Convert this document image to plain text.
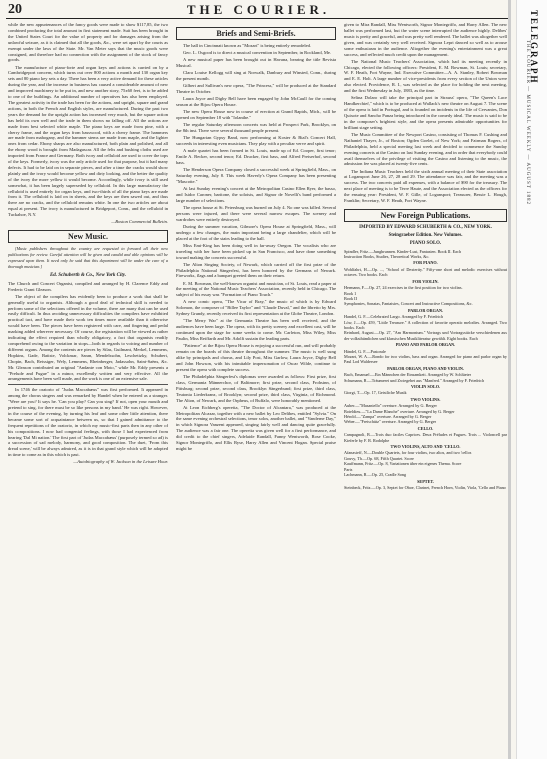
20	THE COURIER.

while the new appurtenances of the fancy goods were made to show $117,85, the two combined producing the total amount in first statement made. Suit has been brought in the United States Court for the value of property and for damages arising from the unlawful seizure, as it is claimed that all the goods, &c., were set apart by the courts as exempt under the laws of the State. Mr. Van Meter says that the music goods were consigned, and therefore had no connection with the assignment of the stock of fancy goods.

The manufacture of piano-forte and organ keys and actions is carried on by a Cambridgeport concern, which turns out over 800 actions a month and 130 organ key sets and 80 piano key sets a day. There has been a very active demand for these articles during the year, and the increase in business has caused a considerable amount of new and improved machinery to be put in, and new another story, 75x60 feet, is to be added to one of the buildings. An additional number of operatives has also been employed. The greatest activity in the trade has been for the actions, and upright, square and grand actions, in both the French and English styles, are manufactured. During the past two years the demand for the upright action has increased very much, but the square action has held its own well and the trade in them shows no falling off. All the actions are made from best selected white maple. The piano keys are made from pine, with a cherry frame, and the organ keys from basswood, with a cherry frame. The hammers are made from mahogany, and the hammer stems are made from maple, and the lighter ones from cedar. Ebony sharps are also manufactured, both plain and polished, and all the ebony wood is brought from Madagascar. All the felts and bushing cloths used are imported from France and Germany. Both ivory and celluloid are used to cover the tops of the keys. Formerly, ivory was the only article used for that purpose, but it had many defects. It had to be laid on in separate pieces, and after a time the cracks would show plainly and the ivory would become yellow and dirty looking, and the better the quality of the ivory the more yellow it would become. Accordingly, while ivory is still used somewhat, it has been largely superseded by celluloid. In this large manufactory the celluloid is used entirely for organ keys, and two-thirds of all the piano keys are made from it. The celluloid is laid on in sheets, and the keys are then sawed out, and thus there are no cracks, and the celluloid remains white. In one the two articles are about equal at present. The ivory is manufactured in Bridgeport, Conn., and the celluloid in Tuckahoe, N.Y.

—Boston Commercial Bulletin.
New Music.

[Music publishers throughout the country are requested to forward all their new publications for review. Careful attention will be given and candid and able opinions will be expressed upon them. It need only be said that this department will be under the care of a thorough musician.]

Ed. Schuberth & Co., New York City.

The Church and Concert Organist, compiled and arranged by H. Clarence Eddy and Frederic Grant Gleason.

The object of the compilers has evidently been to produce a work that shall be generally useful to organists. Although a good deal of technical skill is needed to perform some of the selections offered in the volume, there are many that can be used easily difficult. In thus avoiding unnecessary difficulties the compilers have exhibited practical tact, and have made their work ten times more available than it otherwise would have been. The pieces have been registered with care, and fingering and pedal marking added wherever necessary. Of course, the registration will be viewed as rather indicating the effect required than wholly obligatory, a fact that organists readily comprehend owing to the variation in stops—both in regards to voicing and number of different organs. Among the contents are pieces by Silas, Guilmant, Merkel, Lemmens, Hopkins, Gade, Batiste, Volckmar, Saran, Mendelssohn, Leschetizky, Schubert, Chopin, Bach, Reissiger, Wely, Lemmens, Rheinberger, Jadassohn, Saint-Saëns, &c. Mr. Gleason contributed an original "Andante con Moto," while Mr. Eddy presents a "Prelude and Fugue" in a minor, excellently written and very effective. All the arrangements have been well made, and the work is one of an extensive sale.

In 1746 the oratorio of "Judas Maccabæus" was first performed. It appeared in among the chorus singers and was remarked by Handel when he entered as a stranger. "Were are you? It says he. 'Can you play? Can you sing? If not, open your mouth and pretend to sing, for there must be so like persons in my band.' He was right. However, in the course of the evening, by turning his leaf and some other little attention, there became some sort of acquaintance between us, so that I gained admittance to the frequent repetitions of the oratorio, in which my music-first parts then in any other of his compositions. I now had congenial feelings, with those I had experienced from hearing 'Dal Mi nation.' The first part of 'Judas Maccabæus' (purposely termed so ad) is a succession of sad melody, harmony, and good composition. The duet, 'From this dread scene,' will be always admired, as it is in that grand style which will be adopted in time to come as in this which is past.

—Autobiography of W. Jackson in the Leisure Hour.
Briefs and Semi-Briefs.

The hall in Cincinnati known as "Mozart" is being entirely remodeled.

Geo. L. Osgood is to direct a musical convention in September, in Rockland, Me.

A new musical paper has been brought out in Havana, bearing the title Revista Musical.

Clara Louise Kellogg will sing at Norwalk, Danbury and Winsted, Conn., during the present month.

Gilbert and Sullivan's new opera, "The Princess," will be produced at the Standard Theatre in October.

Laura Joyce and Digby Bell have been engaged by John McCaull for the coming season at the Bijou Opera House.

The new Opera House now in course of erection at Grand Rapids, Mich., will be opened on September 18 with "Iolanthe."

The regular Saturday afternoon concerts was held at Prospect Park, Brooklyn, on the 8th inst. There were several thousand people present.

The Hungarian Gypsy Band, now performing at Koster & Bial's Concert Hall, succeeds in interesting even musicians. They play with a peculiar verve and spirit.

A male quartet has been formed in St. Louis, made up of Ed. Cooper, first tenor; Emile A. Becker, second tenor; Ed. Drucker, first bass, and Alfred Preiserhof, second bass.

The Henderson Opera Company closed a successful week at Springfield, Mass., on Saturday evening, July 8. This week Haverly's Opera Company has been presenting "Mascotte."

At last Sunday evening's concert at the Metropolitan Casino Ellen Ryer, the basso, and Isidor Caroner, baritone, the soloists, and Signor de Novelli's band performed a large number of selections.

The opera house at St. Petersburg was burned on July 4. No one was killed. Several persons were injured, and there were several narrow escapes. The scenery and wardrobes were entirely destroyed.

During the summer vacation, Gilmore's Opera House at Springfield, Mass., will undergo a few changes, the main important being a large chandelier, which will be placed at the foot of the stairs leading to the hall.

Miss Emi-King has been doing well in far-away Oregon. The vocalists who are traveling with her have been picked up in San Francisco, and have done something toward making the concerts successful.

The Alton Singing Society, of Newark, which carried off the first prize of the Philadelphia National Sängerfest, has been honored by the Germans of Newark. Fireworks, flags and a banquet greeted them on their return.

E. M. Bowman, the well-known organist and musician, of St. Louis, read a paper at the meeting of the National Music Teachers' Association, recently held in Chicago. The subject of his essay was "Formation of Piano Touch."

A new comic opera, "The Vicar of Bray," the music of which is by Edward Solomon, the composer of "Billee Taylor" and "Claude Duval," and the libretto by Mrs. Sydney Grundy, recently received its first representation at the Globe Theatre, London.

"The Merry War" at the Germania Theatre has been well received, and the audiences have been large. The opera, with its pretty scenery and excellent cast, will be continued upon the stage for some weeks to come. Mr. Carleton, Miss Wiley, Miss Paulin, Miss Reiffarth and Mr. Adolfi sustain the leading parts.

"Patience" at the Bijou Opera House is enjoying a successful run, and will probably remain on the boards of this theatre throughout the summer. The music is well sung alike by principals and chorus, and Lily Post, Miss Garlow, Laura Joyce, Digby Bell and John Howson, with his inimitable impersonation of Oscar Wilde, continue to present the opera with complete success.

The Philadelphia Sängerfest's diplomas were awarded as follows: First prize, first class, Germania Männerchor, of Baltimore; first prize, second class, Frohsinn, of Pittsburg; second prize, second class, Brooklyn Sängerbund; first prize, third class, Teutonia Liederkranz, of Brooklyn; second prize, third class, Virginia, of Richmond. The Alton, of Newark, and the Orpheus, of Buffalo, were honorably mentioned.

At Leon Eichberg's operetta, "The Doctor of Alcantara," was produced at the Metropolitan Alcazar, together with a new ballet by Leo Delibes, entitled "Sylvia." On the same evening orchestral selections, tenor solos, another ballet, and "Vanderne Day," in which Signora Vanzeni appeared, singing fairly well and dancing quite gracefully. The audience was a fair one. The operetta was given well for a first performance, and did credit to the chief singers, Adelaide Randall, Fanny Wentworth, Rose Cooke, Signor Montegriffo, and Ellis Ryse, Harry Allen and Vincent Hogan. Special praise might be

given to Mira Randall, Miss Wentworth, Signor Montegriffo, and Harry Allen. The new ballet was performed last, but the water scene interrupted the audience highly. Delibes' music is pretty and graceful, and was pretty well rendered. The ballet was altogether well given, and was certainly very well received. Signora Lepri danced so well as to arouse some enthusiasm in the audience. Altogether the evening's entertainment was a great success, and reflected much credit upon the management.

The National Music Teachers' Association, which had its meeting recently in Chicago, elected the following officers: President, E. M. Bowman, St. Louis; secretary, W. F. Heath, Fort Wayne, Ind. Executive Committee—A. A. Stanley, Robert Bowman and E. E. Holt. A large number of vice-presidents from every section of the Union were also elected. Providence, R. I., was selected as the place for holding the next meeting, and the first Wednesday in July, 1883, as the time.

Selina Dolaro will take the principal part in Strauss' opera, "The Queen's Lace Handkerchief," which is to be produced at Wallack's new theatre on August 7. The scene of the opera is laid in Portugal, and is founded on incidents in the life of Cervantes, Don Quixote and Sancho Panza being introduced in the comedy ideal. The music is said to be in the composer's brightest style, and the opera presents admirable opportunities for brilliant stage setting.

The Music Committee of the Newport Casino, consisting of Thomas F. Cushing and Nathaniel Thayer, Jr., of Boston; Ogden Goelet, of New York; and Fairman Rogers, of Philadelphia, held a special meeting last week and decided to commence the Sunday evening concerts at the Casino on last Sunday evening, and in order that everybody could avail themselves of the privilege of visiting the Casino and listening to the music, the admission fee was placed at twenty-five cents.

The Indiana Music Teachers held the sixth annual meeting of their State association at Logansport June 26, 27, 28 and 29. The attendance was fair, and the meeting was a success. The two concerts paid all expenses, with a balance of $90 for the treasury. The next place of meeting is to be Terre Haute, and the Association elected as the officers for the ensuing year: President, W. F. Gille, of Logansport; Treasurer, Bessie L. Hough, Franklin; Secretary, W. F. Heath, Fort Wayne.

New Foreign Publications.
IMPORTED BY EDWARD SCHUBERTH & CO., NEW YORK.
Steingraeber Edition. New Volumes.
PIANO SOLO.
Spindler, Fritz.—Jungbrunnen. Kinder-Lust, Fantasien. Book II. Each
Instruction Books, Studies, Theoretical Works, &c.
FOR PIANO.
Wohlfahrt, H.—Op. ..., "School of Dexterity." Fifty-one short and melodic exercises without octaves. Two books. Each
FOR VIOLIN.
Hermann, F.—Op. 27, 24 exercises in the first position for two violins.
Book 1
Book II
Symphonies, Sonatas, Fantaisies, Concert and Instructive Compositions, &c.
PARLOR ORGAN.
Handel, G. F.—Celebrated Largo. Arranged by F. Friedrich
Löw, J.—Op. 459, "Little Treasure." A collection of favorite operatic melodies. Arranged. Two books. Each
Reinhard, August.—Op. 27, "Am Harmonium." Vortrags und Vortragsstücke verschiedenen aus der volksthümlichen und klassischen Musikliteratur gewählt. Eight books. Each
PIANO AND PARLOR ORGAN.
Händel, G. F.—Pastorale
Mozart, W. A.—Rondo for two violins, bass and organ. Arranged for piano and parlor organ by Paul Lod Waldersee
PARLOR ORGAN, PIANO AND VIOLIN.
Bach, Emanuel.—Ein Männchen der Einsamkeit. Arranged by W. Schlüeter
Schumann, R.—Träumerei und Zwiegebet aus "Manfred." Arranged by F. Friedrich
VIOLIN SOLO.
Giorgi, T.—Op. 17, Geistliche Musik
TWO VIOLINS.
Auber.—"Masaniello" overture. Arranged by G. Berger
Boieldieu.—"La Dame Blanche" overture. Arranged by G. Berger
Hérold.—"Zampa" overture. Arranged by G. Berger
Weber.—"Freischütz" overture. Arranged by G. Berger
CELLO.
Campagnoli, B.—Trois duo faciles Caprices. Deux Préludes et Fugues. Trois ... Violoncell par Kieferle by F. R. Rodolphe
TWO VIOLINS, ALTO AND 'CELLO.
Afanasieff, N.—Double Quartets, for four violins, two altos, and two 'cellos
Gouvy, Th.—Op. 68, Fifth Quartet. Score
Kauffmann, Fritz.—Op. 8, Variationen über ein eigenes Thema. Score
Parts
Lachmann, R.—Op. 25, Cradle Song
SEPTET.
Steinbeck, Fritz.—Op. 3, Septet for Oboe, Clarinet, French Horn, Violin, Viola, 'Cello and Piano
TELEGRAPH
THE COURIER — MUSICAL WEEKLY — AUGUST 1882
